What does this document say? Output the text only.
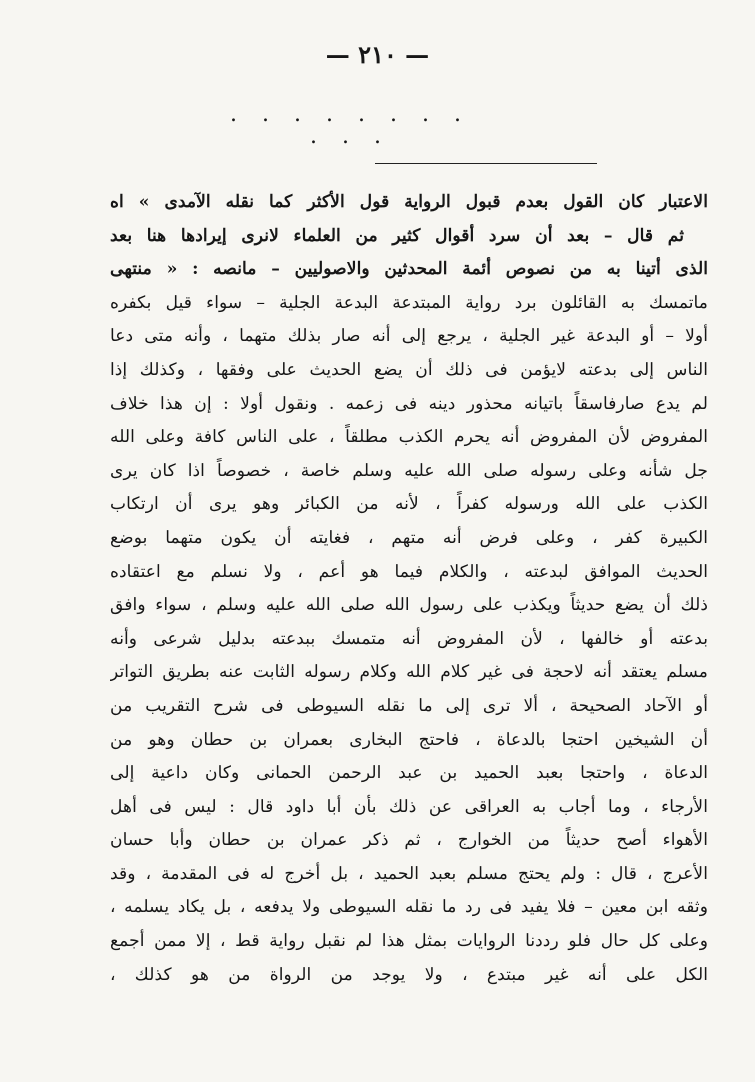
— ٢١٠ —
. . . . . . . . . . .
الاعتبار كان القول بعدم قبول الرواية قول الأكثر كما نقله الآمدى » اه
ثم قال – بعد أن سرد أقوال كثير من العلماء لانرى إيرادها هنا بعد
الذى أتينا به من نصوص أئمة المحدثين والاصوليين – مانصه : « منتهى
ماتمسك به القائلون برد رواية المبتدعة البدعة الجلية – سواء قيل بكفره
أولا – أو البدعة غير الجلية ، يرجع إلى أنه صار بذلك متهما ، وأنه متى دعا
الناس إلى بدعته لايؤمن فى ذلك أن يضع الحديث على وفقها ، وكذلك إذا
لم يدع صارفاسقاً باتيانه محذور دينه فى زعمه . ونقول أولا : إن هذا خلاف
المفروض لأن المفروض أنه يحرم الكذب مطلقاً ، على الناس كافة وعلى الله
جل شأنه وعلى رسوله صلى الله عليه وسلم خاصة ، خصوصاً اذا كان يرى
الكذب على الله ورسوله كفراً ، لأنه من الكبائر وهو يرى أن ارتكاب
الكبيرة كفر ، وعلى فرض أنه متهم ، فغايته أن يكون متهما بوضع
الحديث الموافق لبدعته ، والكلام فيما هو أعم ، ولا نسلم مع اعتقاده
ذلك أن يضع حديثاً ويكذب على رسول الله صلى الله عليه وسلم ، سواء وافق
بدعته أو خالفها ، لأن المفروض أنه متمسك ببدعته بدليل شرعى وأنه
مسلم يعتقد أنه لاحجة فى غير كلام الله وكلام رسوله الثابت عنه بطريق التواتر
أو الآحاد الصحيحة ، ألا ترى إلى ما نقله السيوطى فى شرح التقريب من
أن الشيخين احتجا بالدعاة ، فاحتج البخارى بعمران بن حطان وهو من
الدعاة ، واحتجا بعبد الحميد بن عبد الرحمن الحمانى وكان داعية إلى
الأرجاء ، وما أجاب به العراقى عن ذلك بأن أبا داود قال : ليس فى أهل
الأهواء أصح حديثاً من الخوارج ، ثم ذكر عمران بن حطان وأبا حسان
الأعرج ، قال : ولم يحتج مسلم بعبد الحميد ، بل أخرج له فى المقدمة ، وقد
وثقه ابن معين – فلا يفيد فى رد ما نقله السيوطى ولا يدفعه ، بل يكاد يسلمه ،
وعلى كل حال فلو رددنا الروايات بمثل هذا لم نقبل رواية قط ، إلا ممن أجمع
الكل على أنه غير مبتدع ، ولا يوجد من الرواة من هو كذلك ،
